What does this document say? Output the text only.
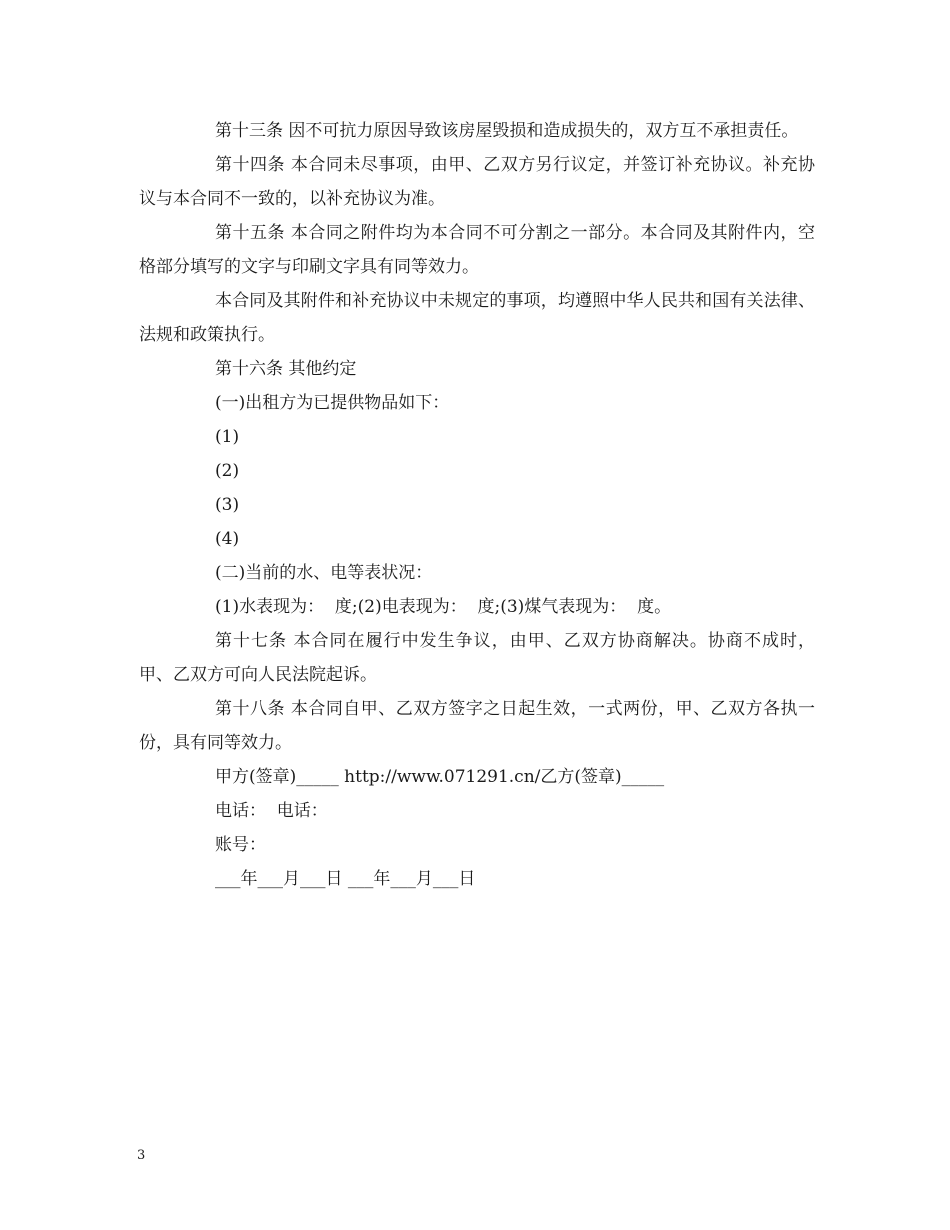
第十三条 因不可抗力原因导致该房屋毁损和造成损失的，双方互不承担责任。

第十四条 本合同未尽事项，由甲、乙双方另行议定，并签订补充协议。补充协议与本合同不一致的，以补充协议为准。

第十五条 本合同之附件均为本合同不可分割之一部分。本合同及其附件内，空格部分填写的文字与印刷文字具有同等效力。

本合同及其附件和补充协议中未规定的事项，均遵照中华人民共和国有关法律、法规和政策执行。

第十六条 其他约定

(一)出租方为已提供物品如下：

(1)

(2)

(3)

(4)

(二)当前的水、电等表状况：

(1)水表现为：  度;(2)电表现为：  度;(3)煤气表现为：  度。

第十七条 本合同在履行中发生争议，由甲、乙双方协商解决。协商不成时，甲、乙双方可向人民法院起诉。

第十八条 本合同自甲、乙双方签字之日起生效，一式两份，甲、乙双方各执一份，具有同等效力。

甲方(签章)_____ http://www.071291.cn/乙方(签章)_____

电话：  电话：

账号：

___年___月___日 ___年___月___日

3
